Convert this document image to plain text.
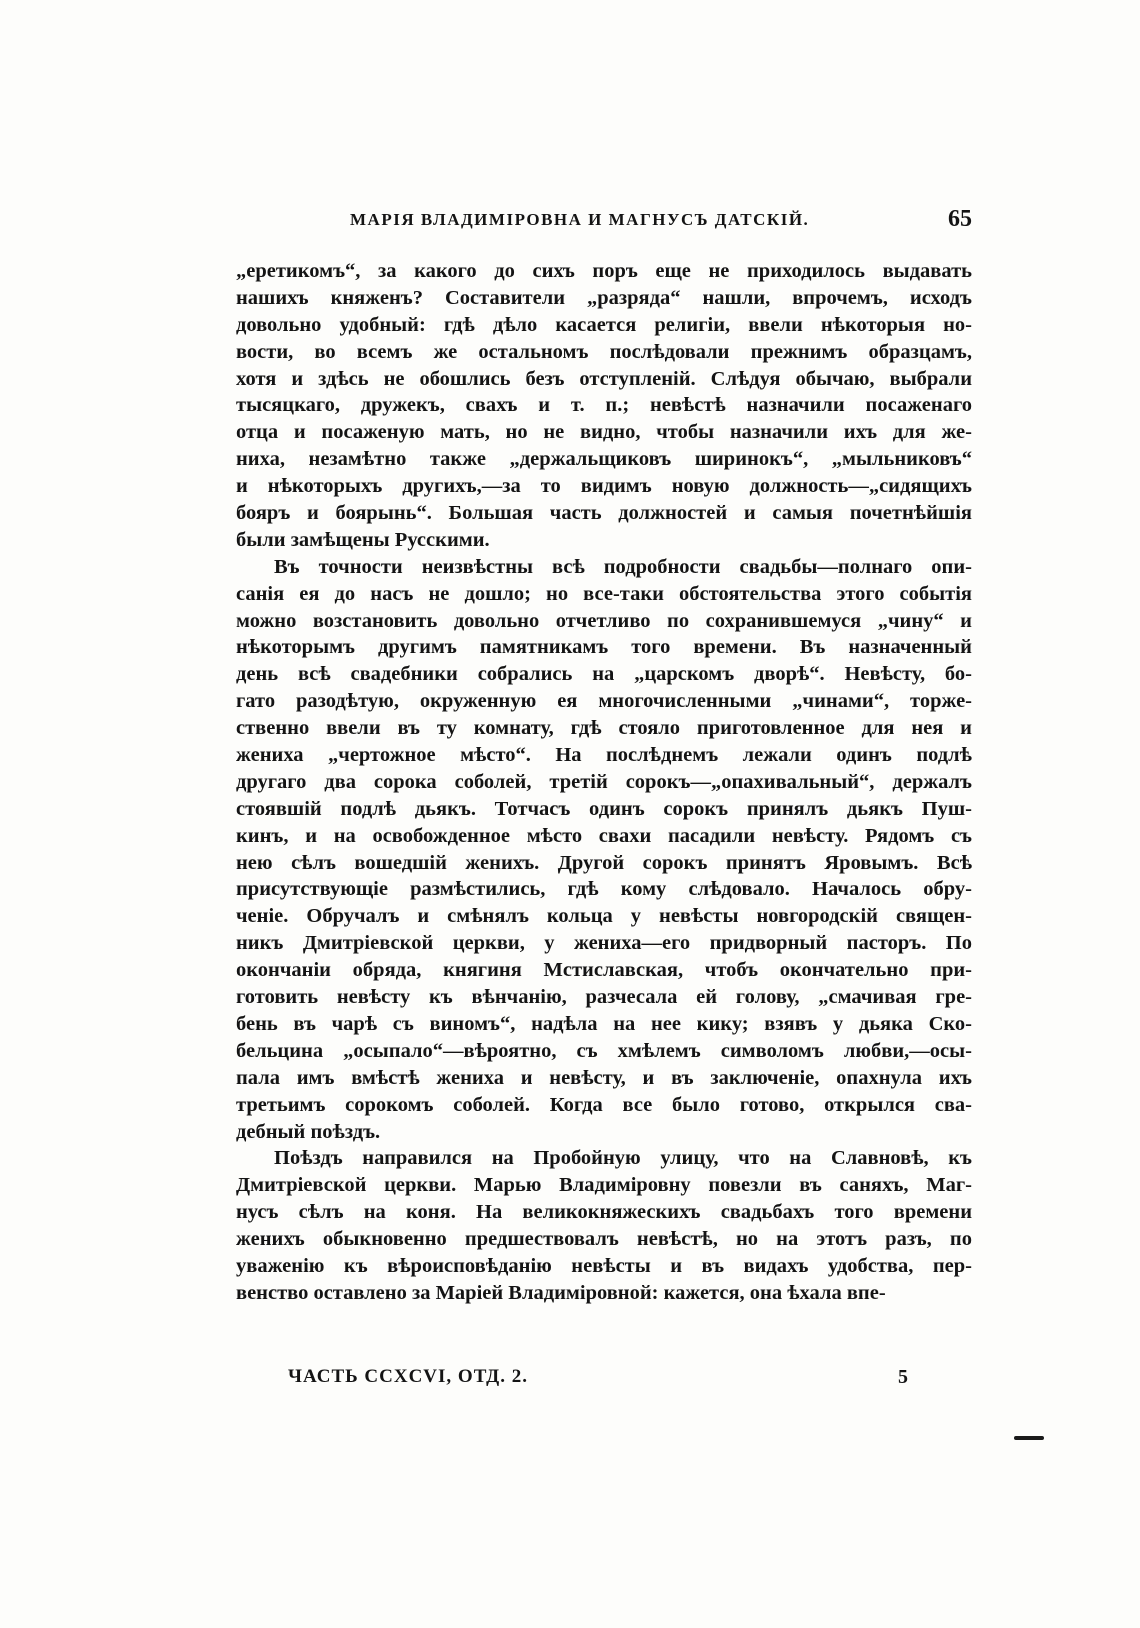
МАРІЯ ВЛАДИМІРОВНА И МАГНУСЪ ДАТСКІЙ.	65
„еретикомъ“, за какого до сихъ поръ еще не приходилось выдавать
нашихъ княженъ? Составители „разряда“ нашли, впрочемъ, исходъ
довольно удобный: гдѣ дѣло касается религіи, ввели нѣкоторыя но-
вости, во всемъ же остальномъ послѣдовали прежнимъ образцамъ,
хотя и здѣсь не обошлись безъ отступленій. Слѣдуя обычаю, выбрали
тысяцкаго, дружекъ, свахъ и т. п.; невѣстѣ назначили посаженаго
отца и посаженую мать, но не видно, чтобы назначили ихъ для же-
ниха, незамѣтно также „держальщиковъ ширинокъ“, „мыльниковъ“
и нѣкоторыхъ другихъ,—за то видимъ новую должность—„сидящихъ
бояръ и боярынь“. Большая часть должностей и самыя почетнѣйшія
были замѣщены Русскими.
Въ точности неизвѣстны всѣ подробности свадьбы—полнаго опи-
санія ея до насъ не дошло; но все-таки обстоятельства этого событія
можно возстановить довольно отчетливо по сохранившемуся „чину“ и
нѣкоторымъ другимъ памятникамъ того времени. Въ назначенный
день всѣ свадебники собрались на „царскомъ дворѣ“. Невѣсту, бо-
гато разодѣтую, окруженную ея многочисленными „чинами“, торже-
ственно ввели въ ту комнату, гдѣ стояло приготовленное для нея и
жениха „чертожное мѣсто“. На послѣднемъ лежали одинъ подлѣ
другаго два сорока соболей, третій сорокъ—„опахивальный“, держалъ
стоявшій подлѣ дьякъ. Тотчасъ одинъ сорокъ принялъ дьякъ Пуш-
кинъ, и на освобожденное мѣсто свахи пасадили невѣсту. Рядомъ съ
нею сѣлъ вошедшій женихъ. Другой сорокъ принятъ Яровымъ. Всѣ
присутствующіе размѣстились, гдѣ кому слѣдовало. Началось обру-
ченіе. Обручалъ и смѣнялъ кольца у невѣсты новгородскій священ-
никъ Дмитріевской церкви, у жениха—его придворный пасторъ. По
окончаніи обряда, княгиня Мстиславская, чтобъ окончательно при-
готовить невѣсту къ вѣнчанію, разчесала ей голову, „смачивая гре-
бень въ чарѣ съ виномъ“, надѣла на нее кику; взявъ у дьяка Ско-
бельцина „осыпало“—вѣроятно, съ хмѣлемъ символомъ любви,—осы-
пала имъ вмѣстѣ жениха и невѣсту, и въ заключеніе, опахнула ихъ
третьимъ сорокомъ соболей. Когда все было готово, открылся сва-
дебный поѣздъ.
Поѣздъ направился на Пробойную улицу, что на Славновѣ, къ
Дмитріевской церкви. Марью Владиміровну повезли въ саняхъ, Маг-
нусъ сѣлъ на коня. На великокняжескихъ свадьбахъ того времени
женихъ обыкновенно предшествовалъ невѣстѣ, но на этотъ разъ, по
уваженію къ вѣроисповѣданію невѣсты и въ видахъ удобства, пер-
венство оставлено за Маріей Владиміровной: кажется, она ѣхала впе-
ЧАСТЬ CCXCVI, ОТД. 2.	5
